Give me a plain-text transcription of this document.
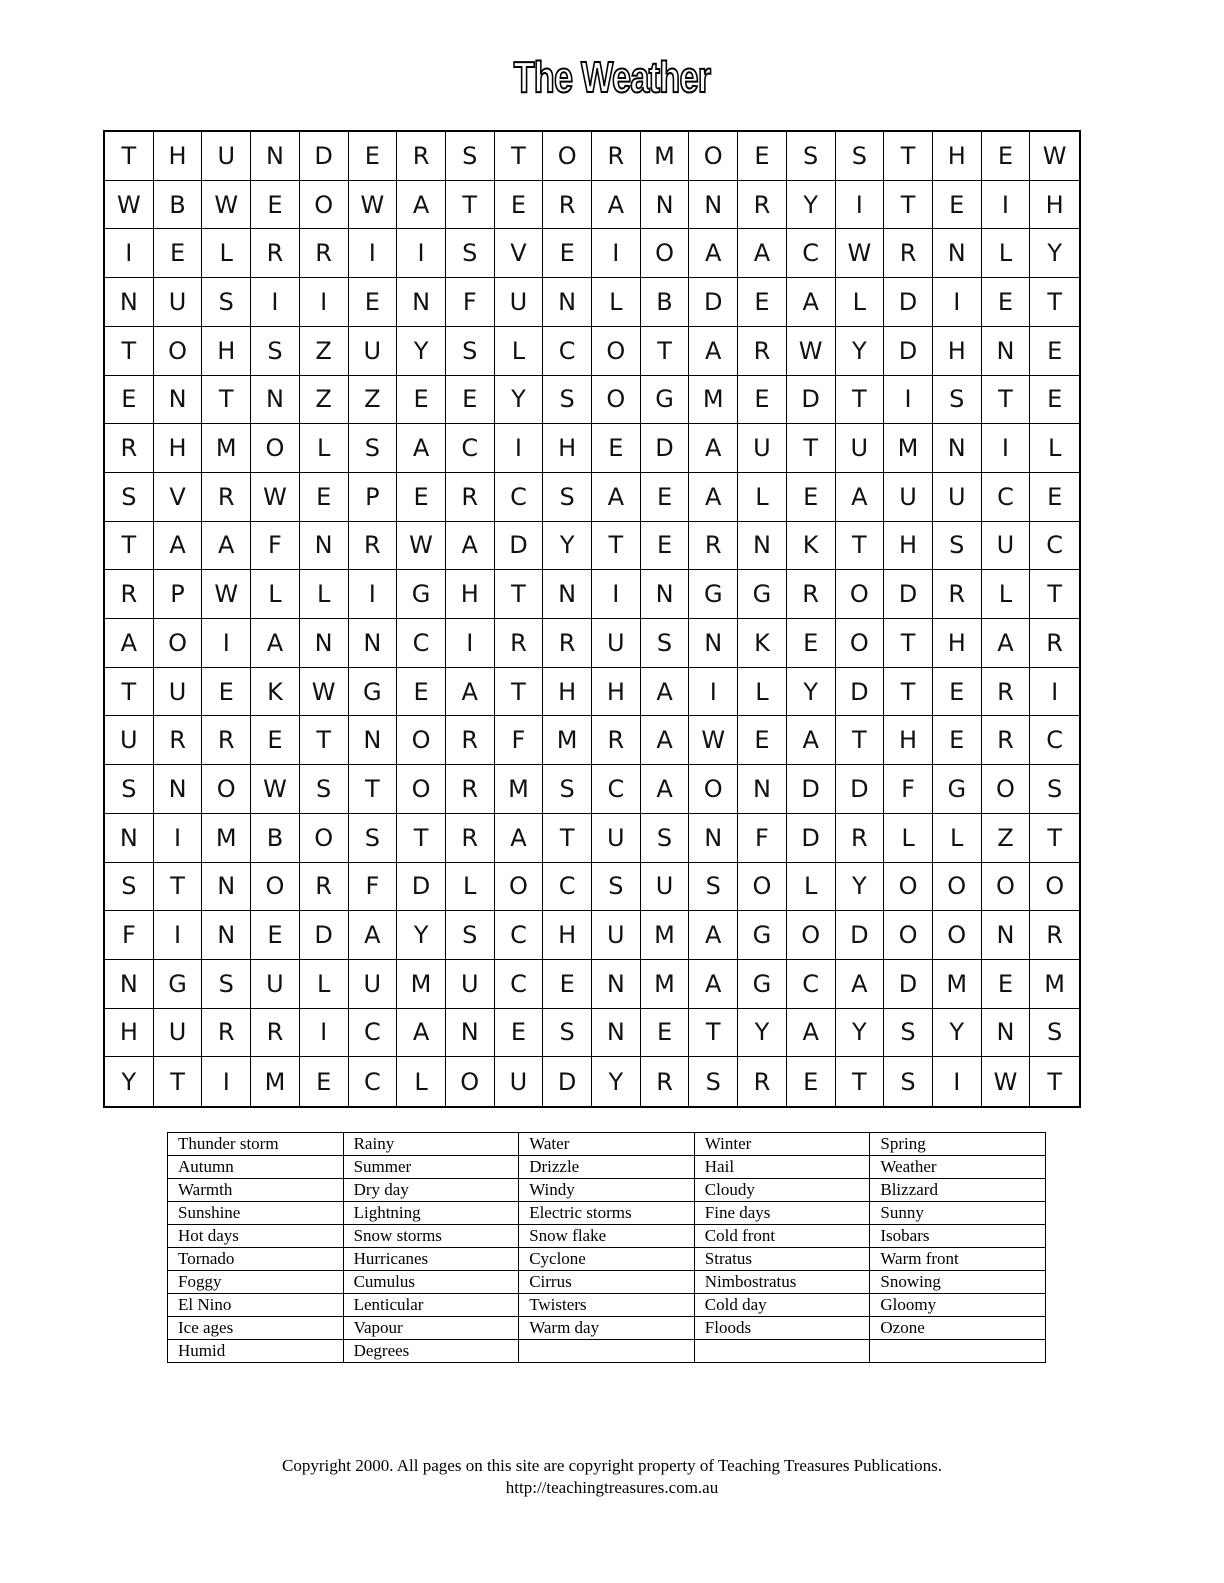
The Weather
T	H	U	N	D	E	R	S	T	O	R	M	O	E	S	S	T	H	E	W
W	B	W	E	O	W	A	T	E	R	A	N	N	R	Y	I	T	E	I	H
I	E	L	R	R	I	I	S	V	E	I	O	A	A	C	W	R	N	L	Y
N	U	S	I	I	E	N	F	U	N	L	B	D	E	A	L	D	I	E	T
T	O	H	S	Z	U	Y	S	L	C	O	T	A	R	W	Y	D	H	N	E
E	N	T	N	Z	Z	E	E	Y	S	O	G	M	E	D	T	I	S	T	E
R	H	M	O	L	S	A	C	I	H	E	D	A	U	T	U	M	N	I	L
S	V	R	W	E	P	E	R	C	S	A	E	A	L	E	A	U	U	C	E
T	A	A	F	N	R	W	A	D	Y	T	E	R	N	K	T	H	S	U	C
R	P	W	L	L	I	G	H	T	N	I	N	G	G	R	O	D	R	L	T
A	O	I	A	N	N	C	I	R	R	U	S	N	K	E	O	T	H	A	R
T	U	E	K	W	G	E	A	T	H	H	A	I	L	Y	D	T	E	R	I
U	R	R	E	T	N	O	R	F	M	R	A	W	E	A	T	H	E	R	C
S	N	O	W	S	T	O	R	M	S	C	A	O	N	D	D	F	G	O	S
N	I	M	B	O	S	T	R	A	T	U	S	N	F	D	R	L	L	Z	T
S	T	N	O	R	F	D	L	O	C	S	U	S	O	L	Y	O	O	O	O
F	I	N	E	D	A	Y	S	C	H	U	M	A	G	O	D	O	O	N	R
N	G	S	U	L	U	M	U	C	E	N	M	A	G	C	A	D	M	E	M
H	U	R	R	I	C	A	N	E	S	N	E	T	Y	A	Y	S	Y	N	S
Y	T	I	M	E	C	L	O	U	D	Y	R	S	R	E	T	S	I	W	T
Thunder storm	Rainy	Water	Winter	Spring
Autumn	Summer	Drizzle	Hail	Weather
Warmth	Dry day	Windy	Cloudy	Blizzard
Sunshine	Lightning	Electric storms	Fine days	Sunny
Hot days	Snow storms	Snow flake	Cold front	Isobars
Tornado	Hurricanes	Cyclone	Stratus	Warm front
Foggy	Cumulus	Cirrus	Nimbostratus	Snowing
El Nino	Lenticular	Twisters	Cold day	Gloomy
Ice ages	Vapour	Warm day	Floods	Ozone
Humid	Degrees			
Copyright 2000. All pages on this site are copyright property of Teaching Treasures Publications.
http://teachingtreasures.com.au
